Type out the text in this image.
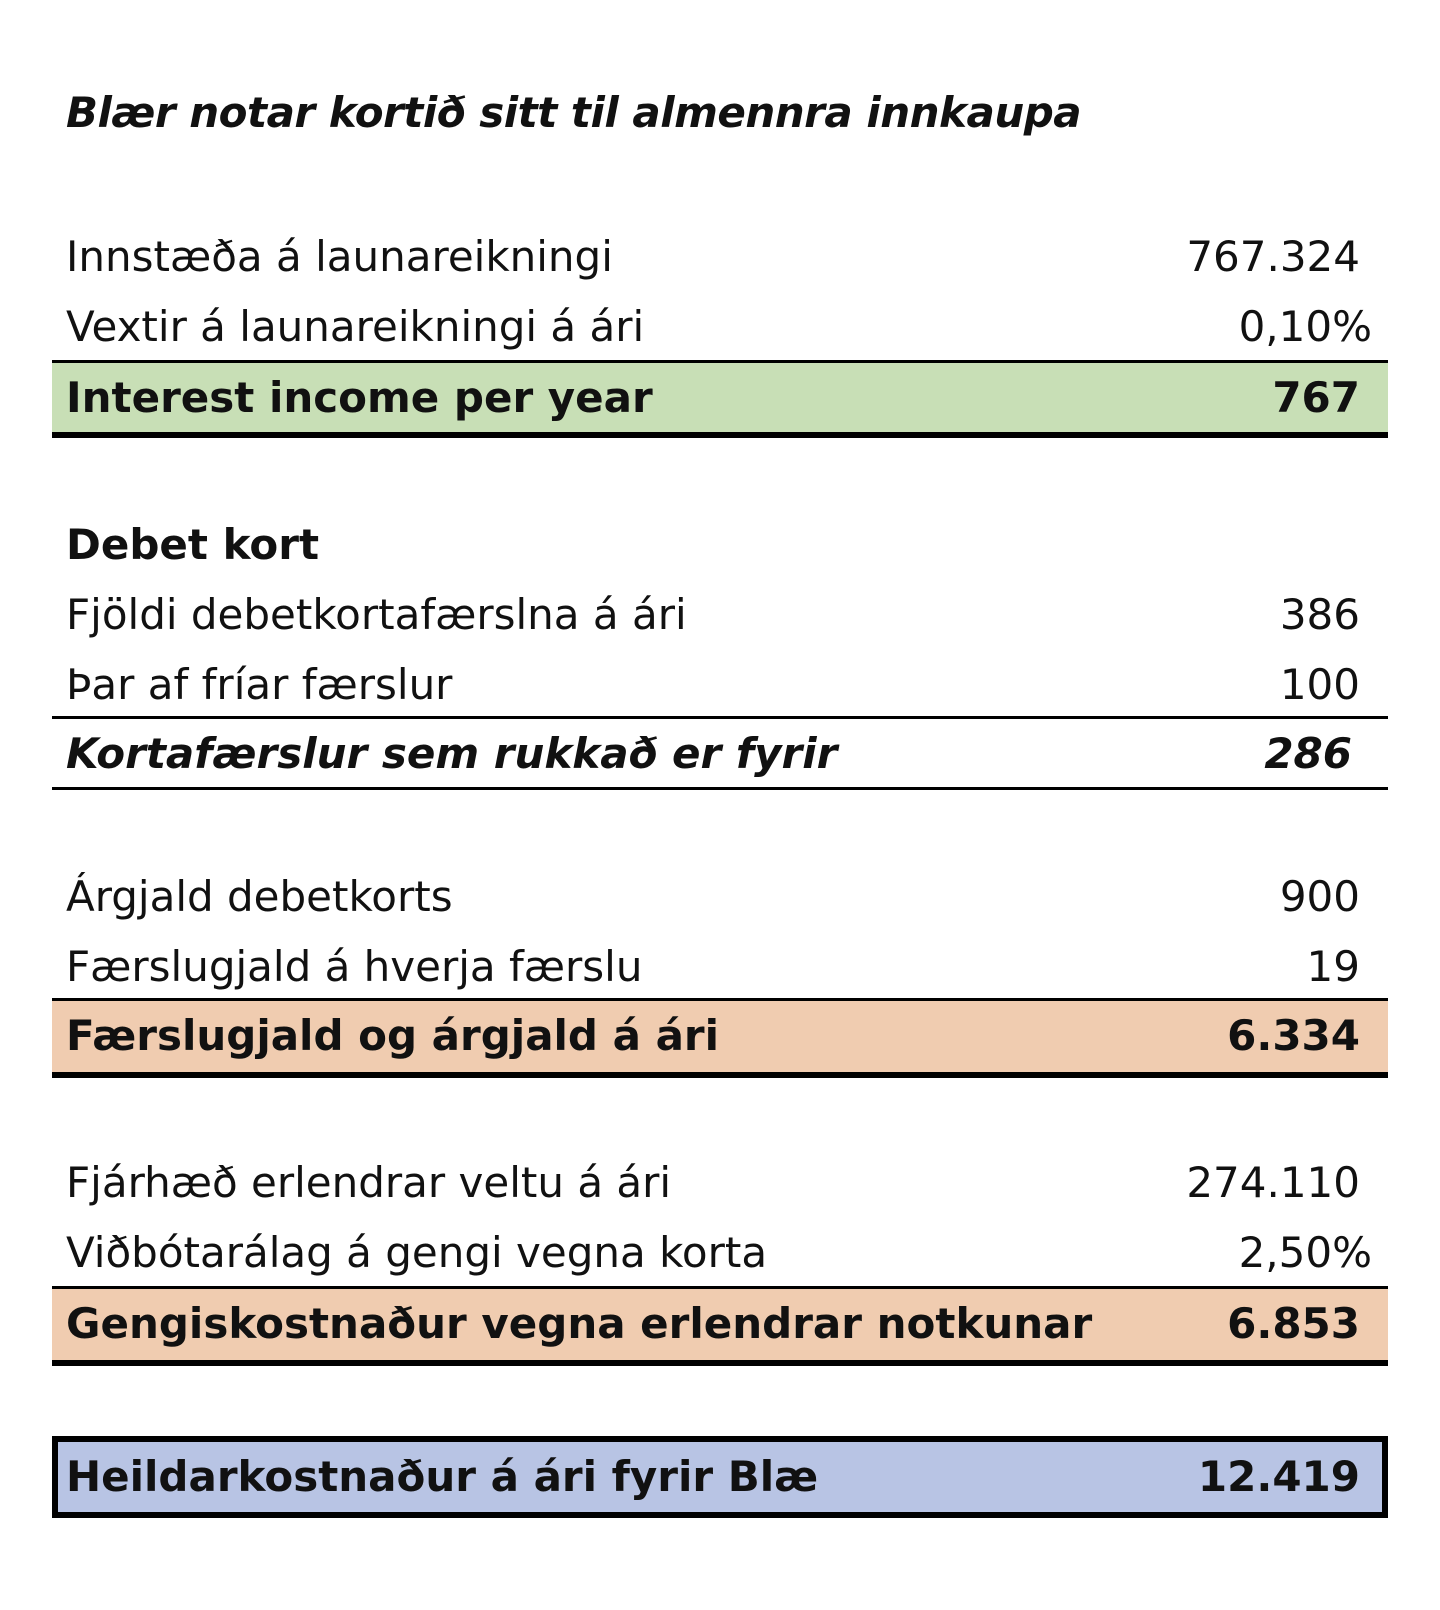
Blær notar kortið sitt til almennra innkaupa
Innstæða á launareikningi	767.324
Vextir á launareikningi á ári	0,10%
Interest income per year	767
Debet kort
Fjöldi debetkortafærslna á ári	386
Þar af fríar færslur	100
Kortafærslur sem rukkað er fyrir	286
Árgjald debetkorts	900
Færslugjald á hverja færslu	19
Færslugjald og árgjald á ári	6.334
Fjárhæð erlendrar veltu á ári	274.110
Viðbótarálag á gengi vegna korta	2,50%
Gengiskostnaður vegna erlendrar notkunar	6.853
Heildarkostnaður á ári fyrir Blæ	12.419
